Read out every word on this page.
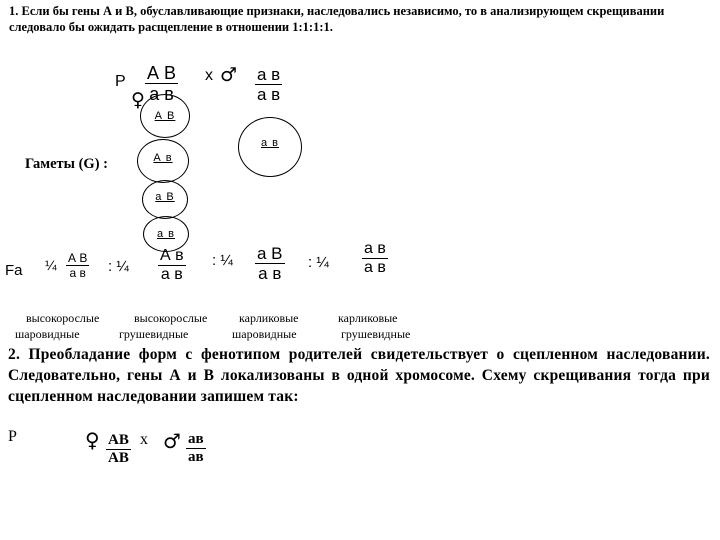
1. Если бы гены А и В, обуславливающие признаки, наследовались независимо, то в анализирующем скрещивании следовало бы ожидать расщепление в отношении 1:1:1:1.
P А В
а в
x ♂ а в
а в
♀
Гаметы (G) :
А В
А в
а В
а в
а в
Fa ¼ А В
а в : ¼
А в
а в
: ¼ а В
а в
: ¼
а в
а в
высокорослые
шаровидные
высокорослые
грушевидные
карликовые
шаровидные
карликовые
грушевидные
2. Преобладание форм с фенотипом родителей свидетельствует о сцепленном наследовании. Следовательно, гены А и В локализованы в одной хромосоме. Схему скрещивания тогда при сцепленном наследовании запишем так:
P	♀ АВ
АВ
x ♂ ав
ав
